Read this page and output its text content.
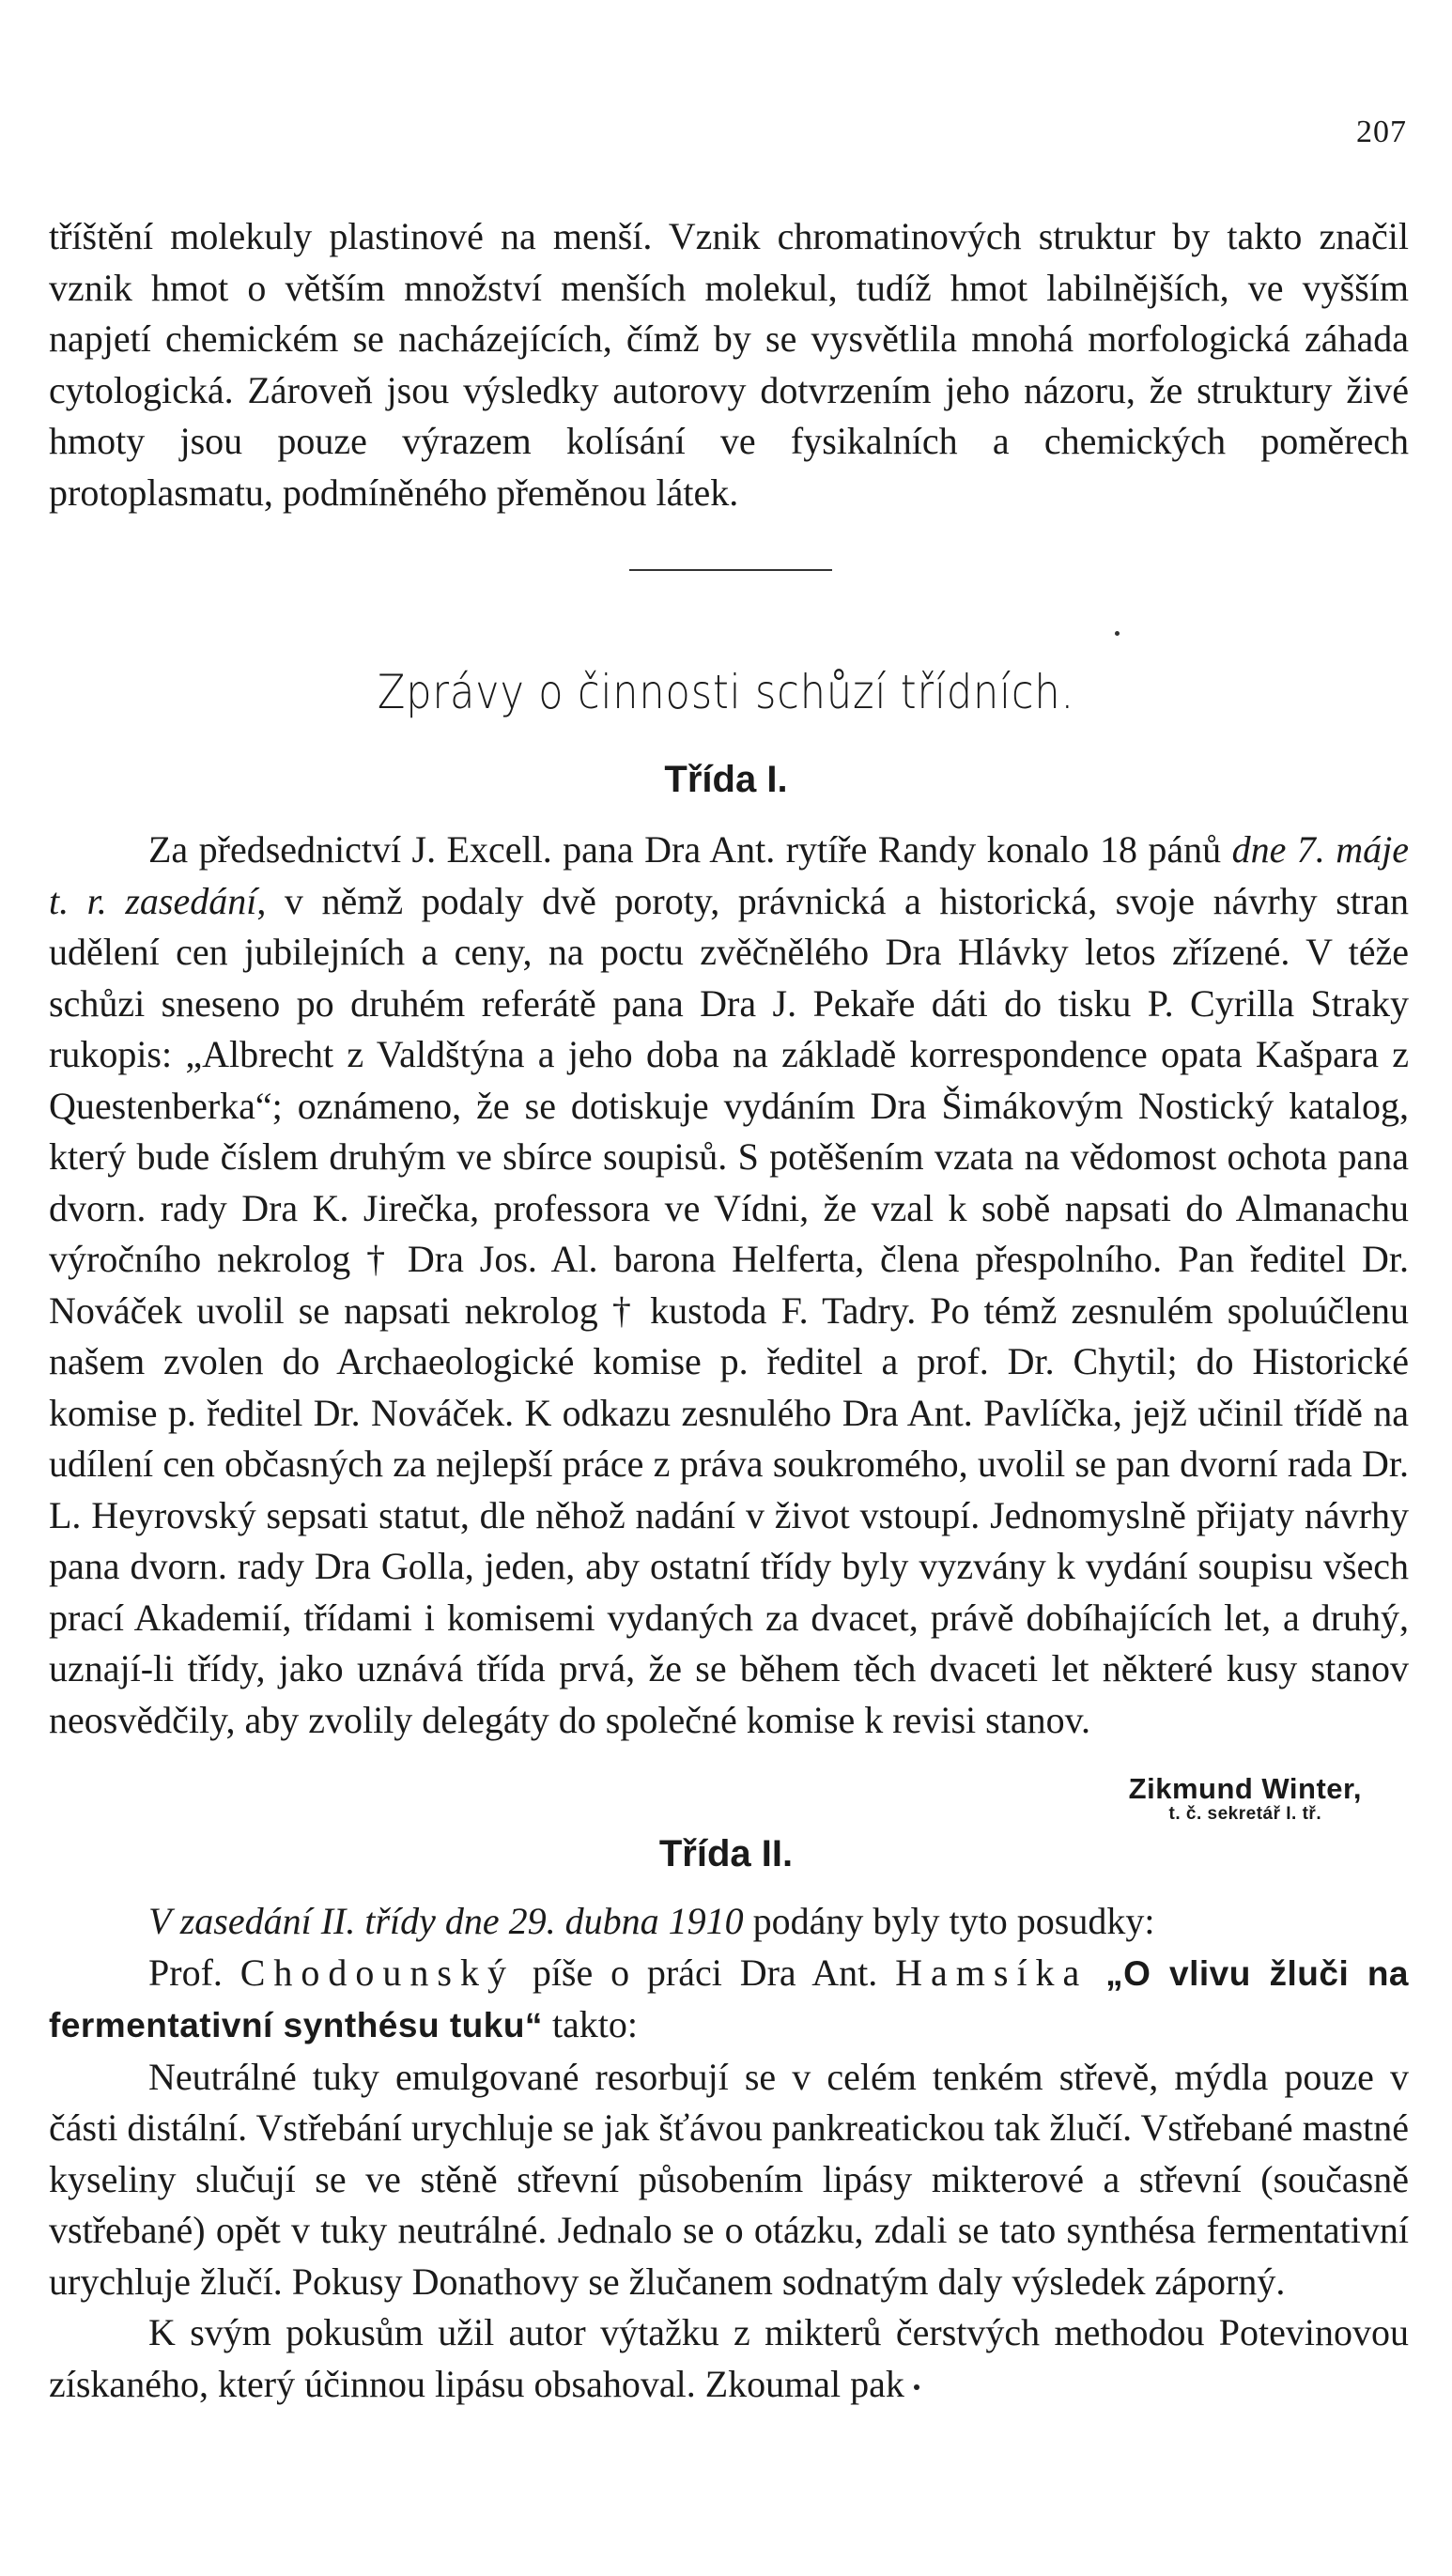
207

tříštění molekuly plastinové na menší. Vznik chromatinových struktur by takto značil vznik hmot o větším množství menších molekul, tudíž hmot labilnějších, ve vyšším napjetí chemickém se nacházejících, čímž by se vysvětlila mnohá morfologická záhada cytologická. Zároveň jsou výsledky autorovy dotvrzením jeho názoru, že struktury živé hmoty jsou pouze výrazem kolísání ve fysikalních a chemických poměrech protoplasmatu, podmíněného přeměnou látek.

Zprávy o činnosti schůzí třídních.
Třída I.

Za předsednictví J. Excell. pana Dra Ant. rytíře Randy konalo 18 pánů dne 7. máje t. r. zasedání, v němž podaly dvě poroty, právnická a historická, svoje návrhy stran udělení cen jubilejních a ceny, na poctu zvěčnělého Dra Hlávky letos zřízené. V téže schůzi sneseno po druhém referátě pana Dra J. Pekaře dáti do tisku P. Cyrilla Straky rukopis: „Albrecht z Valdštýna a jeho doba na základě korrespondence opata Kašpara z Questenberka“; oznámeno, že se dotiskuje vydáním Dra Šimákovým Nostický katalog, který bude číslem druhým ve sbírce soupisů. S potěšením vzata na vědomost ochota pana dvorn. rady Dra K. Jirečka, professora ve Vídni, že vzal k sobě napsati do Almanachu výročního nekrolog † Dra Jos. Al. barona Helferta, člena přespolního. Pan ředitel Dr. Nováček uvolil se napsati nekrolog † kustoda F. Tadry. Po témž zesnulém spoluúčlenu našem zvolen do Archaeologické komise p. ředitel a prof. Dr. Chytil; do Historické komise p. ředitel Dr. Nováček. K odkazu zesnulého Dra Ant. Pavlíčka, jejž učinil třídě na udílení cen občasných za nejlepší práce z práva soukromého, uvolil se pan dvorní rada Dr. L. Heyrovský sepsati statut, dle něhož nadání v život vstoupí. Jednomyslně přijaty návrhy pana dvorn. rady Dra Golla, jeden, aby ostatní třídy byly vyzvány k vydání soupisu všech prací Akademií, třídami i komisemi vydaných za dvacet, právě dobíhajících let, a druhý, uznají-li třídy, jako uznává třída prvá, že se během těch dvaceti let některé kusy stanov neosvědčily, aby zvolily delegáty do společné komise k revisi stanov.

Zikmund Winter,
t. č. sekretář I. tř.
Třída II.

V zasedání II. třídy dne 29. dubna 1910 podány byly tyto posudky:

Prof. Chodounský píše o práci Dra Ant. Hamsíka „O vlivu žluči na fermentativní synthésu tuku“ takto:

Neutrálné tuky emulgované resorbují se v celém tenkém střevě, mýdla pouze v části distální. Vstřebání urychluje se jak šťávou pankreatickou tak žlučí. Vstřebané mastné kyseliny slučují se ve stěně střevní působením lipásy mikterové a střevní (současně vstřebané) opět v tuky neutrálné. Jednalo se o otázku, zdali se tato synthésa fermentativní urychluje žlučí. Pokusy Donathovy se žlučanem sodnatým daly výsledek záporný.

K svým pokusům užil autor výtažku z mikterů čerstvých methodou Potevinovou získaného, který účinnou lipásu obsahoval. Zkoumal pak
